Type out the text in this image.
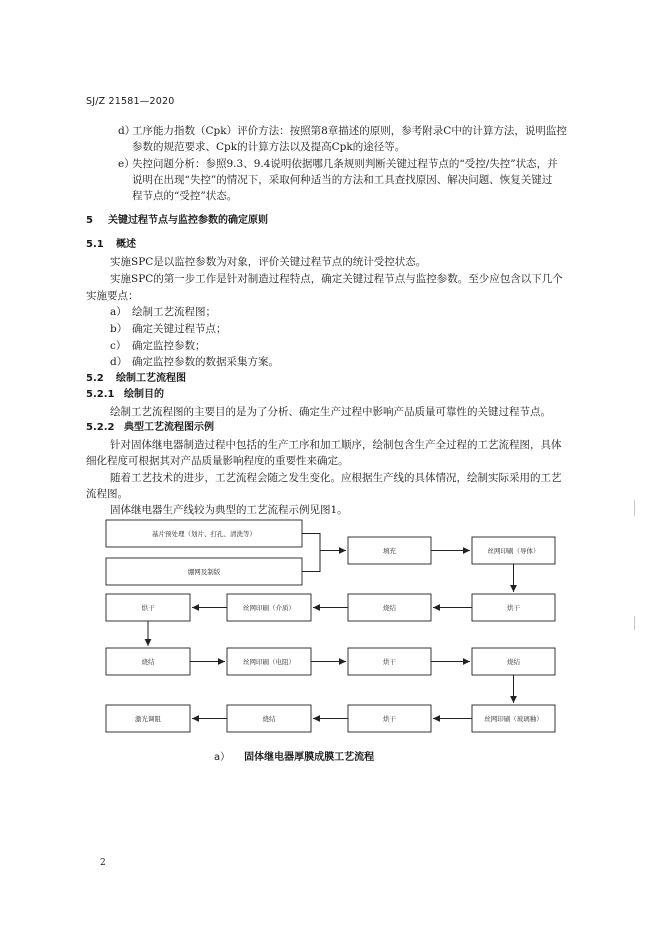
SJ/Z 21581—2020
d）
工序能力指数（Cpk）评价方法：按照第8章描述的原则，参考附录C中的计算方法，说明监控
参数的规范要求、Cpk的计算方法以及提高Cpk的途径等。
e）
失控问题分析：参照9.3、9.4说明依据哪几条规则判断关键过程节点的“受控/失控”状态，并
说明在出现“失控”的情况下，采取何种适当的方法和工具查找原因、解决问题、恢复关键过
程节点的“受控”状态。
5 关键过程节点与监控参数的确定原则
5.1 概述
实施SPC是以监控参数为对象，评价关键过程节点的统计受控状态。
实施SPC的第一步工作是针对制造过程特点，确定关键过程节点与监控参数。至少应包含以下几个
实施要点：
a） 绘制工艺流程图；
b） 确定关键过程节点；
c） 确定监控参数；
d） 确定监控参数的数据采集方案。
5.2 绘制工艺流程图
5.2.1 绘制目的
绘制工艺流程图的主要目的是为了分析、确定生产过程中影响产品质量可靠性的关键过程节点。
5.2.2 典型工艺流程图示例
针对固体继电器制造过程中包括的生产工序和加工顺序，绘制包含生产全过程的工艺流程图，具体
细化程度可根据其对产品质量影响程度的重要性来确定。
随着工艺技术的进步，工艺流程会随之发生变化。应根据生产线的具体情况，绘制实际采用的工艺
流程图。
固体继电器生产线较为典型的工艺流程示例见图1。
基片预处理（划片、打孔、清洗等）
绷网及制版
填充	丝网印刷（导体）
烘干	丝网印刷（介质）	烧结	烘干
烧结	丝网印刷（电阻）	烘干	烧结
激光调阻	烧结	烘干	丝网印刷（玻璃釉）
a） 固体继电器厚膜成膜工艺流程
2
